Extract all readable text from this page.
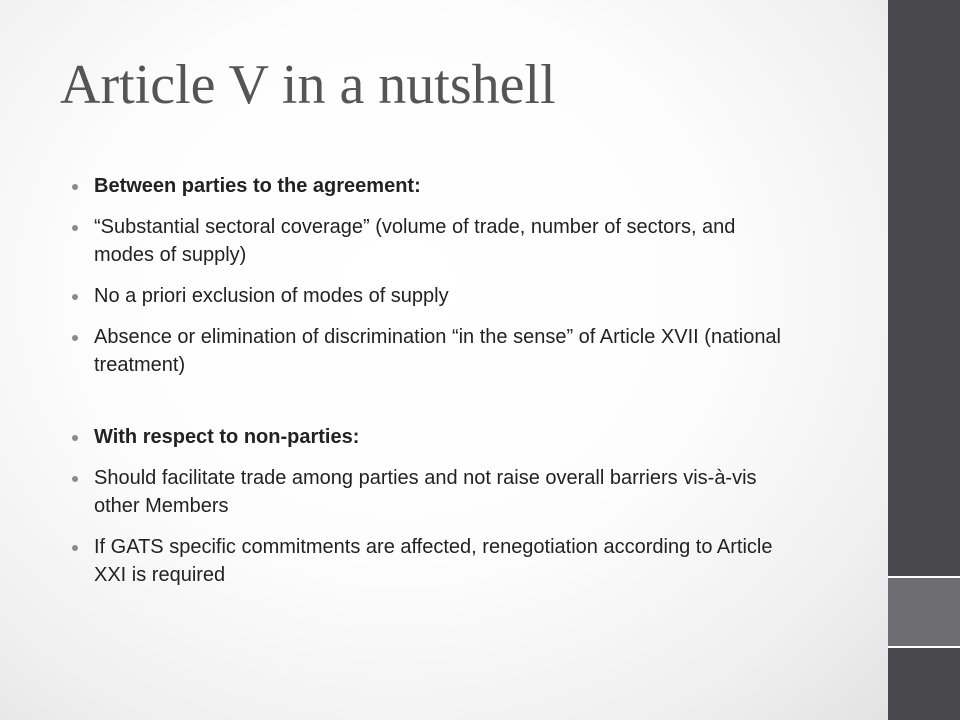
Article V in a nutshell
Between parties to the agreement:
“Substantial sectoral coverage” (volume of trade, number of sectors, and modes of supply)
No a priori exclusion of modes of supply
Absence or elimination of discrimination “in the sense” of Article XVII (national treatment)
With respect to non-parties:
Should facilitate trade among parties and not raise overall barriers vis-à-vis other Members
If GATS specific commitments are affected, renegotiation according to Article XXI is required
